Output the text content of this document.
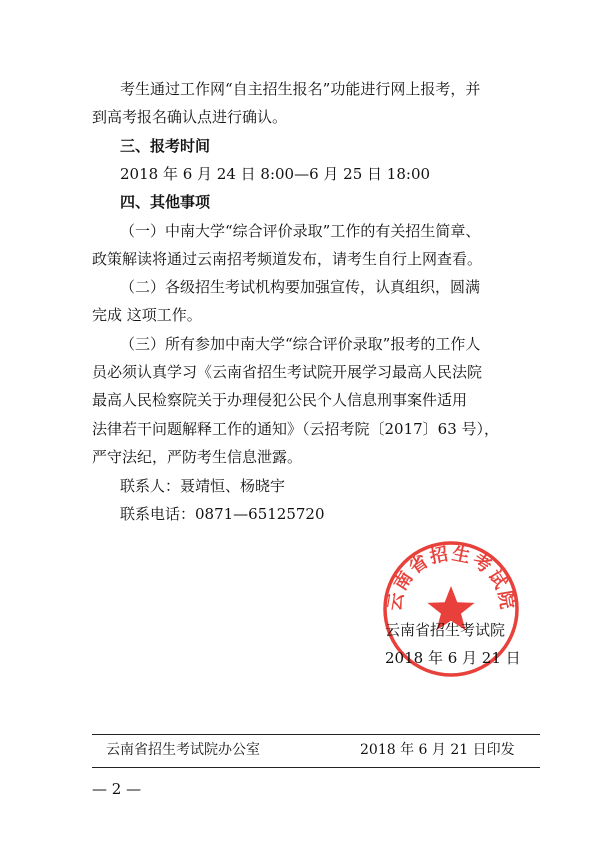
考生通过工作网“自主招生报名”功能进行网上报考，并
到高考报名确认点进行确认。
三、报考时间
2018 年 6 月 24 日 8:00—6 月 25 日 18:00
四、其他事项
（一）中南大学“综合评价录取”工作的有关招生简章、
政策解读将通过云南招考频道发布，请考生自行上网查看。
（二）各级招生考试机构要加强宣传，认真组织，圆满
完成 这项工作。
（三）所有参加中南大学“综合评价录取”报考的工作人
员必须认真学习《云南省招生考试院开展学习最高人民法院
最高人民检察院关于办理侵犯公民个人信息刑事案件适用
法律若干问题解释工作的通知》（云招考院〔2017〕63 号），
严守法纪，严防考生信息泄露。
联系人：聂靖恒、杨晓宇
联系电话：0871—65125720
云南省招生考试院
云南省招生考试院
2018 年 6 月 21 日
云南省招生考试院办公室	2018 年 6 月 21 日印发
— 2 —
